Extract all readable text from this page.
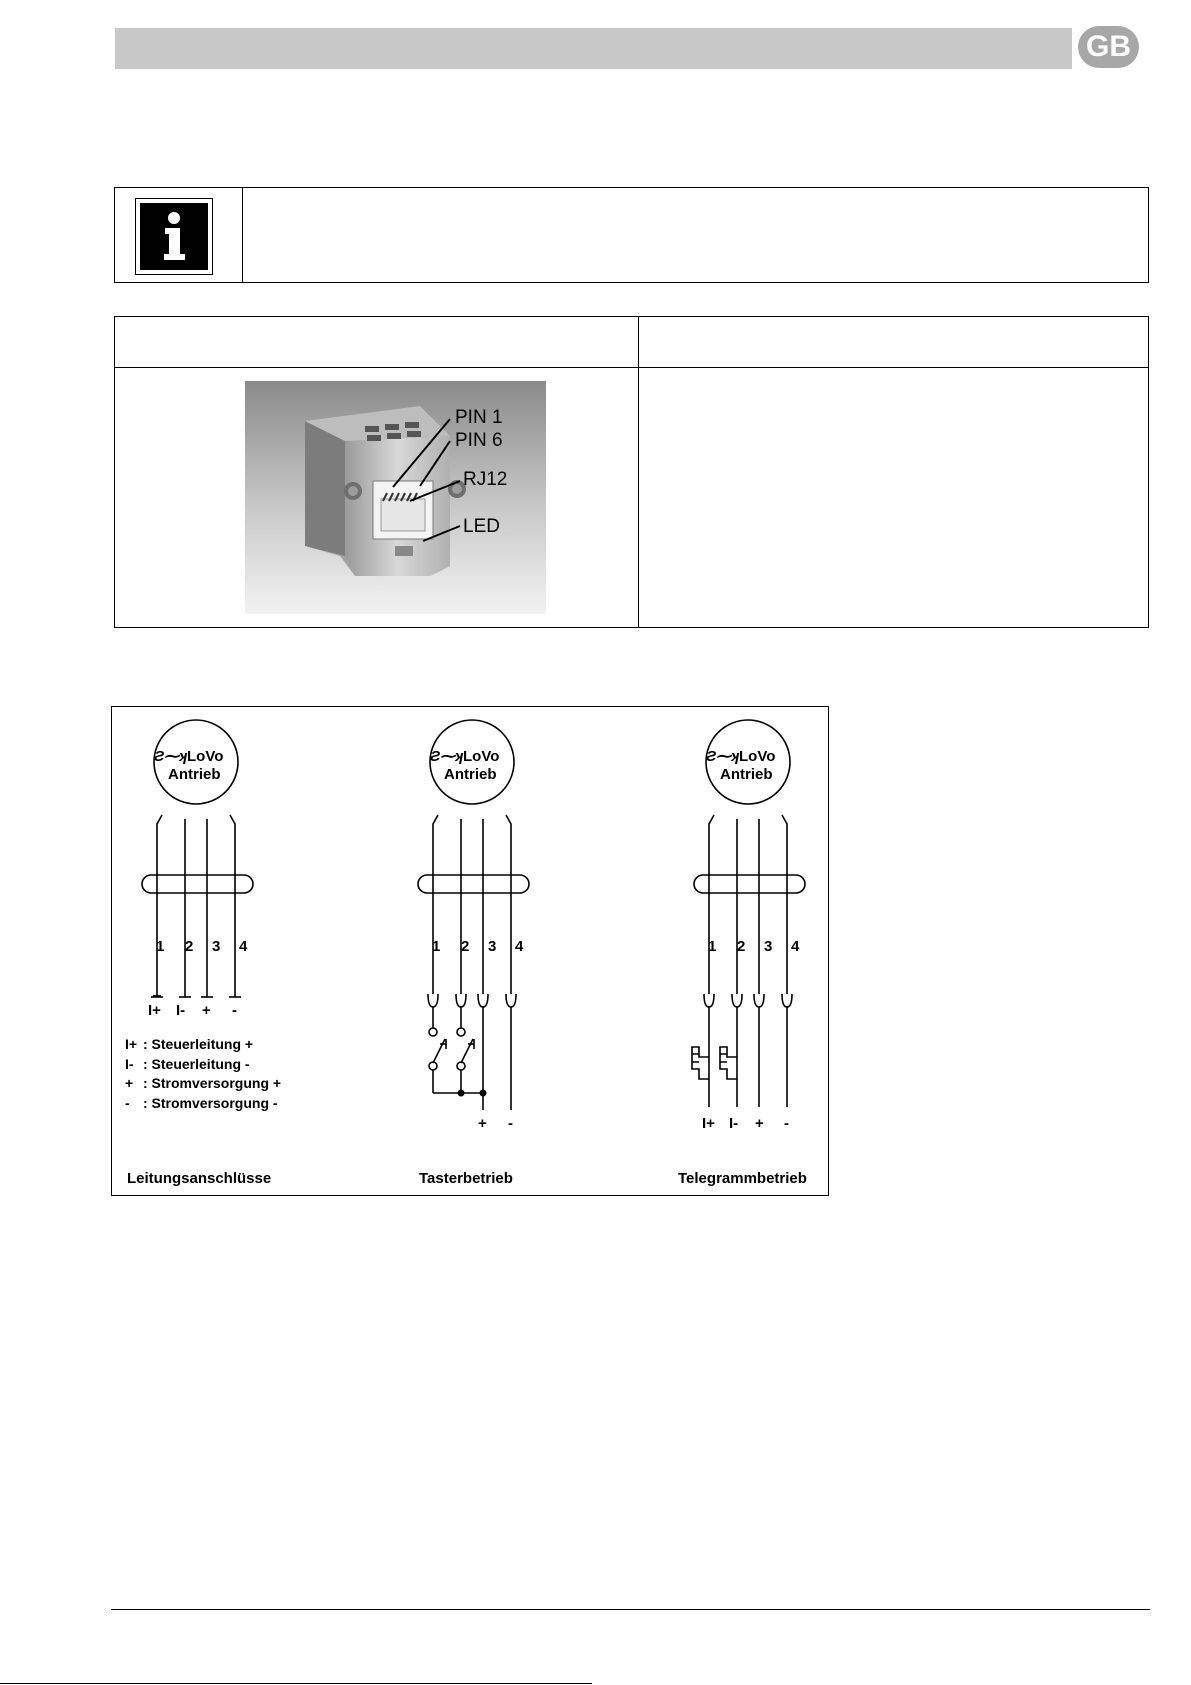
GB
PIN 1
PIN 6
RJ12
LED
Ƨ⁓ʞ LoVo
Antrieb
Ƨ⁓ʞ LoVo
Antrieb
Ƨ⁓ʞ LoVo
Antrieb
1 2 3 4	1 2 3 4	1 2 3 4
I+ I- + -
I+ : Steuerleitung +
I- : Steuerleitung -
+ : Stromversorgung +
- : Stromversorgung -
+ -	I+ I- + -
Leitungsanschlüsse	Tasterbetrieb	Telegrammbetrieb
